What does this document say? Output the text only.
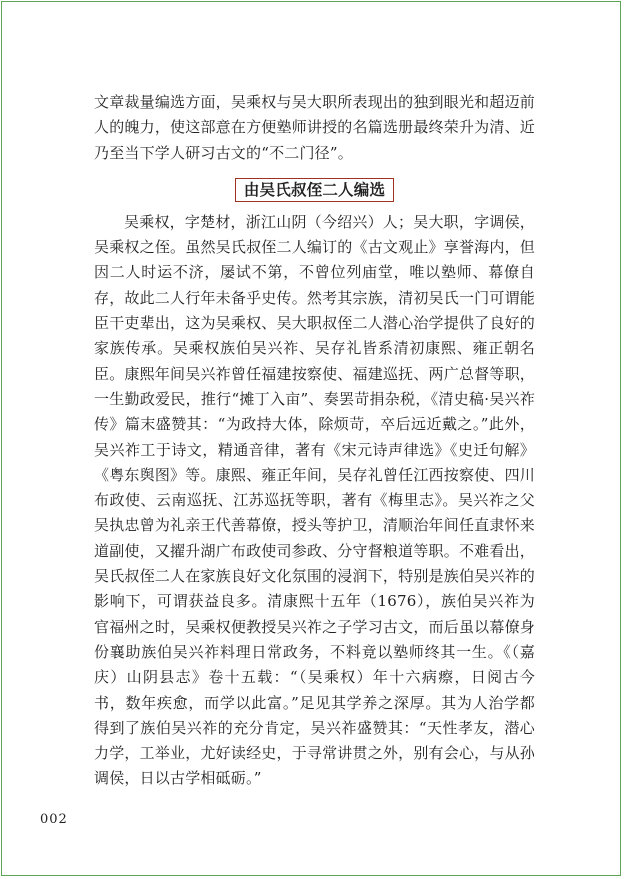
文章裁量编选方面，吴乘权与吴大职所表现出的独到眼光和超迈前人的魄力，使这部意在方便塾师讲授的名篇选册最终荣升为清、近乃至当下学人研习古文的“不二门径”。

由吴氏叔侄二人编选

吴乘权，字楚材，浙江山阴（今绍兴）人；吴大职，字调侯，吴乘权之侄。虽然吴氏叔侄二人编订的《古文观止》享誉海内，但因二人时运不济，屡试不第，不曾位列庙堂，唯以塾师、幕僚自存，故此二人行年未备乎史传。然考其宗族，清初吴氏一门可谓能臣干吏辈出，这为吴乘权、吴大职叔侄二人潜心治学提供了良好的家族传承。吴乘权族伯吴兴祚、吴存礼皆系清初康熙、雍正朝名臣。康熙年间吴兴祚曾任福建按察使、福建巡抚、两广总督等职，一生勤政爱民，推行“摊丁入亩”、奏罢苛捐杂税，《清史稿·吴兴祚传》篇末盛赞其：“为政持大体，除烦苛，卒后远近戴之。”此外，吴兴祚工于诗文，精通音律，著有《宋元诗声律选》《史迁句解》《粤东舆图》等。康熙、雍正年间，吴存礼曾任江西按察使、四川布政使、云南巡抚、江苏巡抚等职，著有《梅里志》。吴兴祚之父吴执忠曾为礼亲王代善幕僚，授头等护卫，清顺治年间任直隶怀来道副使，又擢升湖广布政使司参政、分守督粮道等职。不难看出，吴氏叔侄二人在家族良好文化氛围的浸润下，特别是族伯吴兴祚的影响下，可谓获益良多。清康熙十五年（1676），族伯吴兴祚为官福州之时，吴乘权便教授吴兴祚之子学习古文，而后虽以幕僚身份襄助族伯吴兴祚料理日常政务，不料竟以塾师终其一生。《（嘉庆）山阴县志》卷十五载：“（吴乘权）年十六病瘵，日阅古今书，数年疾愈，而学以此富。”足见其学养之深厚。其为人治学都得到了族伯吴兴祚的充分肯定，吴兴祚盛赞其：“天性孝友，潜心力学，工举业，尤好读经史，于寻常讲贯之外，别有会心，与从孙调侯，日以古学相砥砺。”

002
